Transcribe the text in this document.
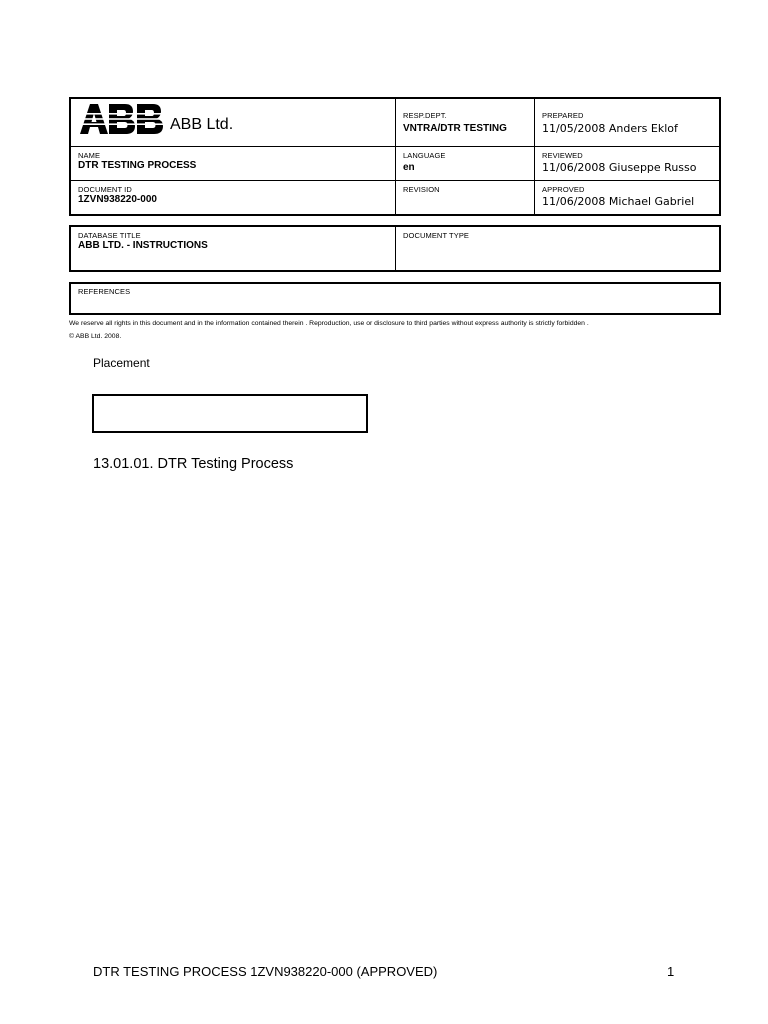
ABB Ltd.
RESP.DEPT.
VNTRA/DTR TESTING
PREPARED
11/05/2008 Anders Eklof
NAME
DTR TESTING PROCESS
LANGUAGE
en
REVIEWED
11/06/2008 Giuseppe Russo
DOCUMENT ID
1ZVN938220-000
REVISION	APPROVED
11/06/2008 Michael Gabriel
DATABASE TITLE
ABB LTD. - INSTRUCTIONS
DOCUMENT TYPE
REFERENCES
We reserve all rights in this document and in the information contained therein . Reproduction, use or disclosure to third parties without express authority is strictly forbidden .
© ABB Ltd. 2008.
Placement
13.01.01. DTR Testing Process
DTR TESTING PROCESS 1ZVN938220-000 (APPROVED)	1
